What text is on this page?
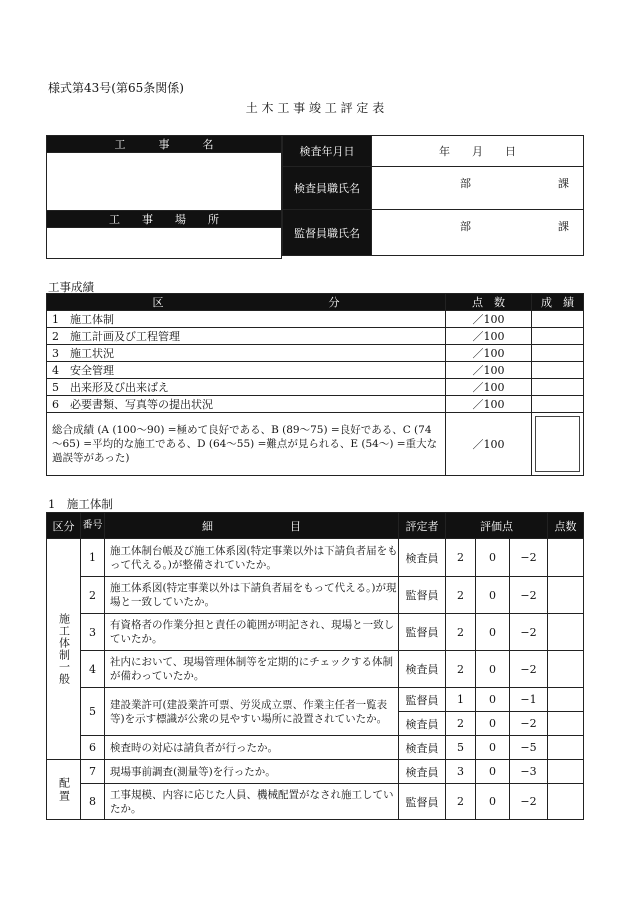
様式第43号(第65条関係)
土 木 工 事 竣 工 評 定 表
工　　　事　　　名

工　　事　　場　　所

検査年月日	年　　月　　日
検査員職氏名	部 課

監督員職氏名	部 課
工事成績
区　　　　　　　　　　　　　　　分	点　数	成　績
1　施工体制	／100	
2　施工計画及び工程管理	／100	
3　施工状況	／100	
4　安全管理	／100	
5　出来形及び出来ばえ	／100	
6　必要書類、写真等の提出状況	／100	
総合成績 (A (100～90) =極めて良好である、B (89～75) =良好である、C (74～65) =平均的な施工である、D (64～55) =難点が見られる、E (54～) =重大な過誤等があった)	／100	
1　施工体制
区分	番号	細　　　　　　　目	評定者	評価点			点数
施工体制一般	1	施工体制台帳及び施工体系図(特定事業以外は下請負者届をもって代える。)が整備されていたか。	検査員	2	0	−2	
	2	施工体系図(特定事業以外は下請負者届をもって代える。)が現場と一致していたか。	監督員	2	0	−2	
	3	有資格者の作業分担と責任の範囲が明記され、現場と一致していたか。	監督員	2	0	−2	
	4	社内において、現場管理体制等を定期的にチェックする体制が備わっていたか。	検査員	2	0	−2	
	5	建設業許可(建設業許可票、労災成立票、作業主任者一覧表等)を示す標識が公衆の見やすい場所に設置されていたか。	監督員	1	0	−1	
			検査員	2	0	−2	
	6	検査時の対応は請負者が行ったか。	検査員	5	0	−5	
配置	7	現場事前調査(測量等)を行ったか。	検査員	3	0	−3	
	8	工事規模、内容に応じた人員、機械配置がなされ施工していたか。	監督員	2	0	−2	
